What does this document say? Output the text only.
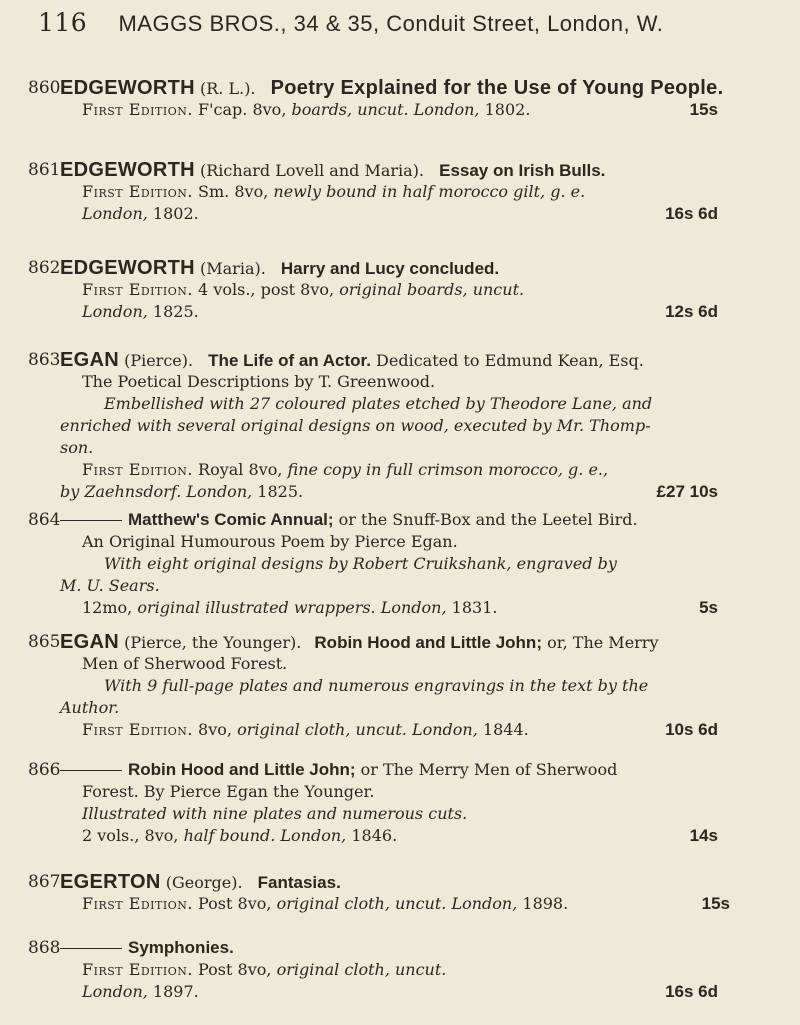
116 MAGGS BROS., 34 & 35, Conduit Street, London, W.
860 EDGEWORTH (R. L.). Poetry Explained for the Use of Young People.
First Edition. F'cap. 8vo, boards, uncut. London, 1802.	15s
861 EDGEWORTH (Richard Lovell and Maria). Essay on Irish Bulls.
First Edition. Sm. 8vo, newly bound in half morocco gilt, g. e.
London, 1802.	16s 6d
862 EDGEWORTH (Maria). Harry and Lucy concluded.
First Edition. 4 vols., post 8vo, original boards, uncut.
London, 1825.	12s 6d
863 EGAN (Pierce). The Life of an Actor. Dedicated to Edmund Kean, Esq.
The Poetical Descriptions by T. Greenwood.
Embellished with 27 coloured plates etched by Theodore Lane, and
enriched with several original designs on wood, executed by Mr. Thomp-
son.
First Edition. Royal 8vo, fine copy in full crimson morocco, g. e.,
by Zaehnsdorf. London, 1825.	£27 10s
864	Matthew's Comic Annual; or the Snuff-Box and the Leetel Bird.
An Original Humourous Poem by Pierce Egan.
With eight original designs by Robert Cruikshank, engraved by
M. U. Sears.
12mo, original illustrated wrappers. London, 1831.	5s
865 EGAN (Pierce, the Younger). Robin Hood and Little John; or, The Merry
Men of Sherwood Forest.
With 9 full-page plates and numerous engravings in the text by the
Author.
First Edition. 8vo, original cloth, uncut. London, 1844.	10s 6d
866	Robin Hood and Little John; or The Merry Men of Sherwood
Forest. By Pierce Egan the Younger.
Illustrated with nine plates and numerous cuts.
2 vols., 8vo, half bound. London, 1846.	14s
867 EGERTON (George). Fantasias.
First Edition. Post 8vo, original cloth, uncut. London, 1898.	15s
868	Symphonies.
First Edition. Post 8vo, original cloth, uncut.
London, 1897.	16s 6d
